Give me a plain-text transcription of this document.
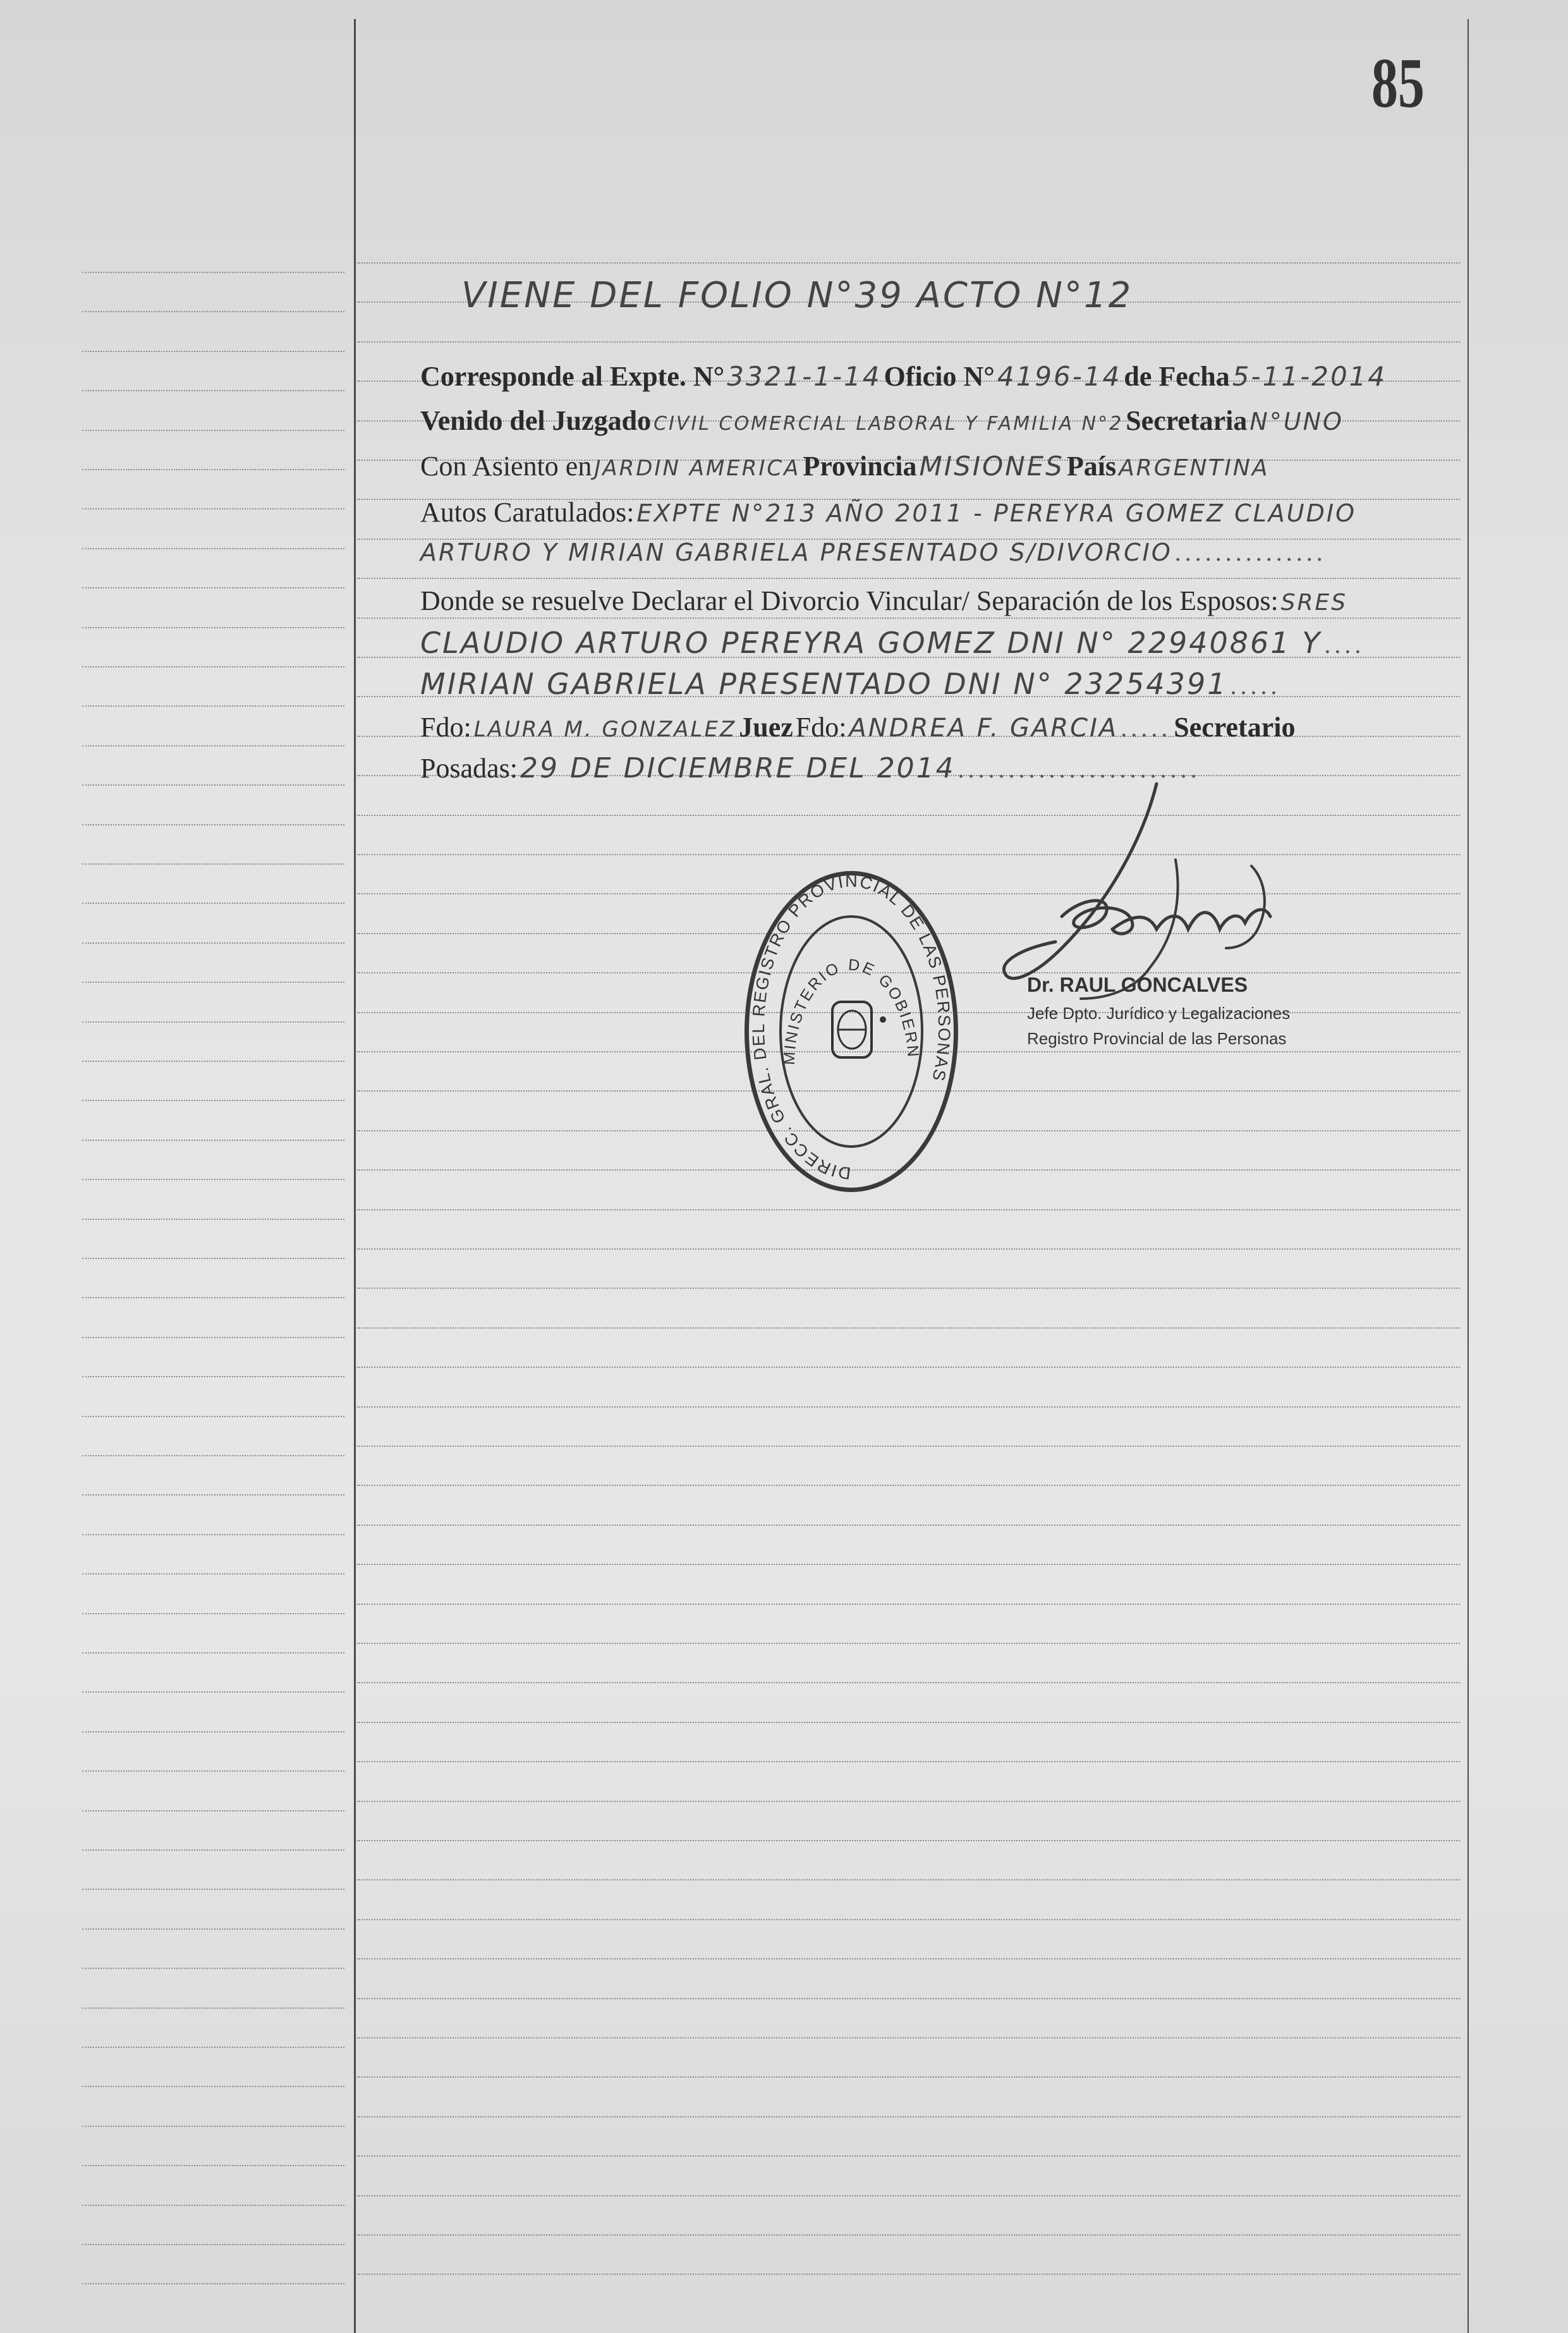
85
VIENE DEL FOLIO N°39 ACTO N°12
Corresponde al Expte. N° 3321-1-14 Oficio N° 4196-14 de Fecha 5-11-2014
Venido del Juzgado CIVIL COMERCIAL LABORAL Y FAMILIA N°2 Secretaria N°UNO
Con Asiento en JARDIN AMERICA Provincia MISIONES País ARGENTINA
Autos Caratulados: EXPTE N°213 AÑO 2011 - PEREYRA GOMEZ CLAUDIO
ARTURO Y MIRIAN GABRIELA PRESENTADO S/DIVORCIO ...............
Donde se resuelve Declarar el Divorcio Vincular/ Separación de los Esposos: SRES
CLAUDIO ARTURO PEREYRA GOMEZ DNI N° 22940861 Y ....
MIRIAN GABRIELA PRESENTADO DNI N° 23254391 .....
Fdo: LAURA M. GONZALEZ Juez Fdo: ANDREA F. GARCIA ..... Secretario
Posadas: 29 DE DICIEMBRE DEL 2014 ........................
DIRECC. GRAL. DEL REGISTRO PROVINCIAL DE LAS PERSONAS
MINISTERIO DE GOBIERN
Dr. RAUL GONCALVES
Jefe Dpto. Jurídico y Legalizaciones
Registro Provincial de las Personas
